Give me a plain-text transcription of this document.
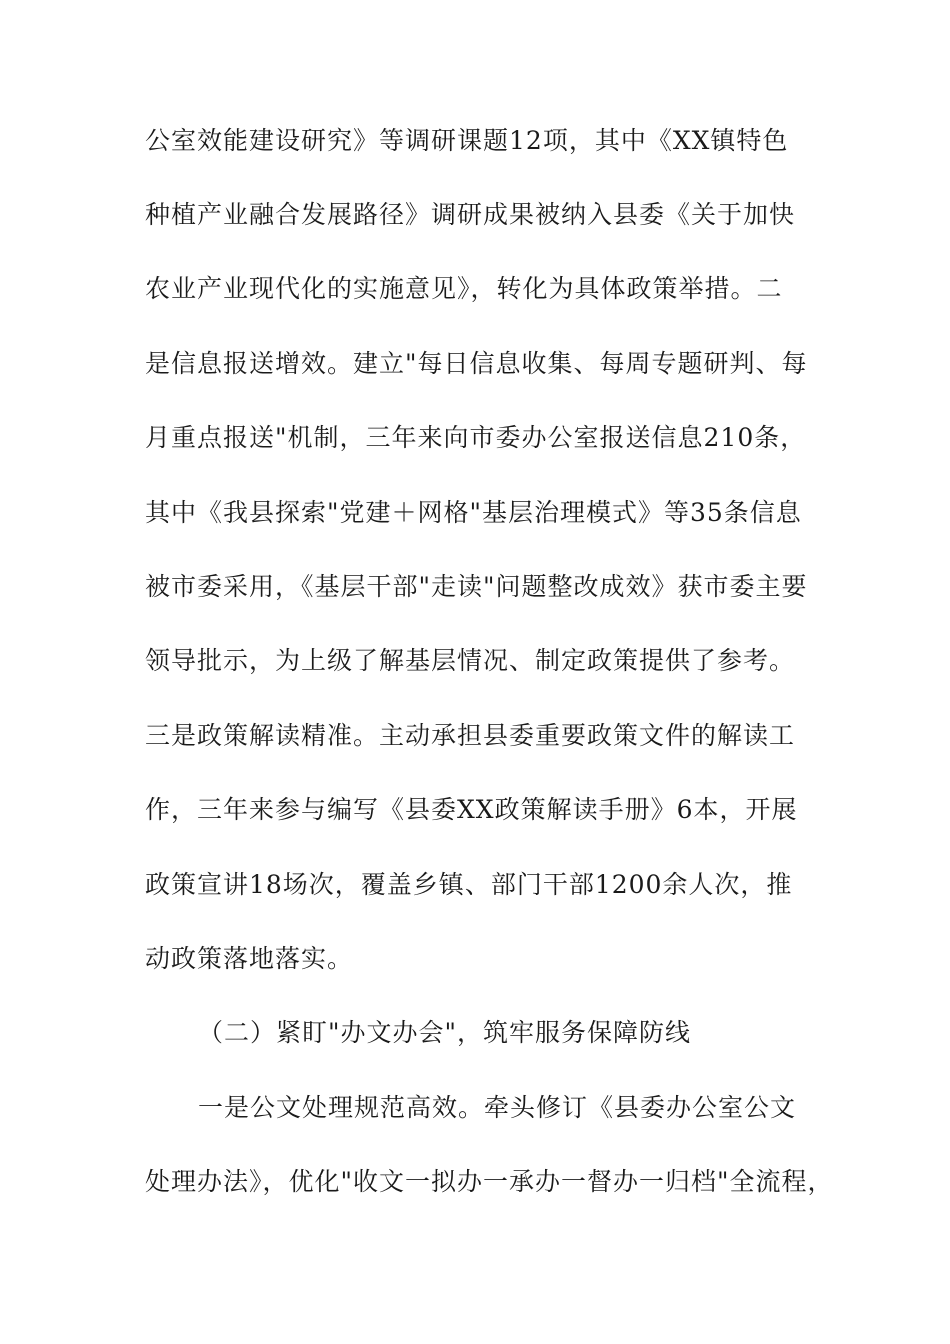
公室效能建设研究》等调研课题12项，其中《XX镇特色
种植产业融合发展路径》调研成果被纳入县委《关于加快
农业产业现代化的实施意见》，转化为具体政策举措。二
是信息报送增效。建立"每日信息收集、每周专题研判、每
月重点报送"机制，三年来向市委办公室报送信息210条，
其中《我县探索"党建＋网格"基层治理模式》等35条信息
被市委采用，《基层干部"走读"问题整改成效》获市委主要
领导批示，为上级了解基层情况、制定政策提供了参考。
三是政策解读精准。主动承担县委重要政策文件的解读工
作，三年来参与编写《县委XX政策解读手册》6本，开展
政策宣讲18场次，覆盖乡镇、部门干部1200余人次，推
动政策落地落实。
（二）紧盯"办文办会"，筑牢服务保障防线
一是公文处理规范高效。牵头修订《县委办公室公文
处理办法》，优化"收文一拟办一承办一督办一归档"全流程，
